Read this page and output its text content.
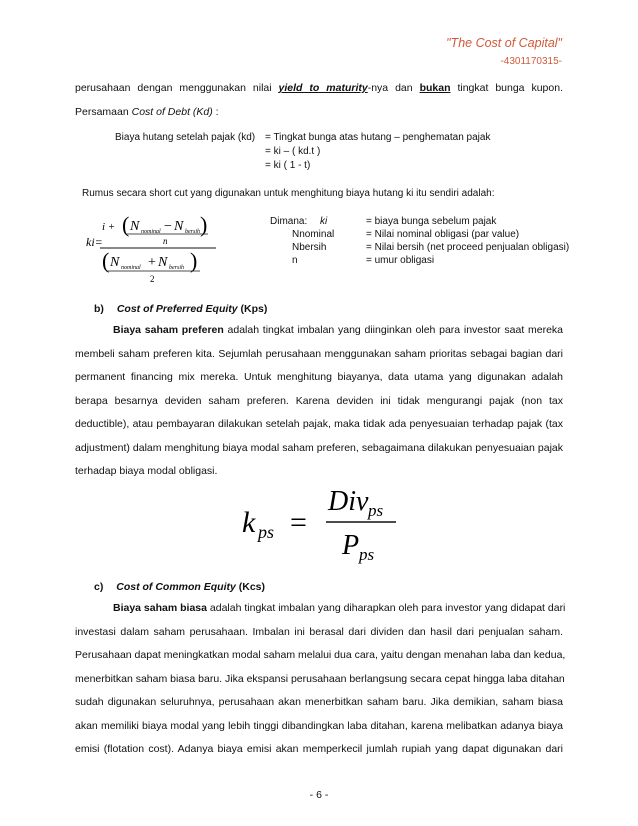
"The Cost of Capital"
-4301170315-
perusahaan dengan menggunakan nilai yield to maturity-nya dan bukan tingkat bunga kupon.
Persamaan Cost of Debt (Kd) :
Biaya hutang setelah pajak (kd) = Tingkat bunga atas hutang – penghematan pajak
= ki – ( kd.t )
= ki ( 1 - t)
Rumus secara short cut yang digunakan untuk menghitung biaya hutang ki itu sendiri adalah:
ki=
i + ( N nominal − N bersih )
n
( N nominal + N bersih )
2
Dimana: ki	= biaya bunga sebelum pajak
Nnominal	= Nilai nominal obligasi (par value)
Nbersih	= Nilai bersih (net proceed penjualan obligasi)
n	= umur obligasi
b) Cost of Preferred Equity (Kps)
Biaya saham preferen adalah tingkat imbalan yang diinginkan oleh para investor saat mereka
membeli saham preferen kita. Sejumlah perusahaan menggunakan saham prioritas sebagai bagian dari
permanent financing mix mereka. Untuk menghitung biayanya, data utama yang digunakan adalah
berapa besarnya deviden saham preferen. Karena deviden ini tidak mengurangi pajak (non tax
deductible), atau pembayaran dilakukan setelah pajak, maka tidak ada penyesuaian terhadap pajak (tax
adjustment) dalam menghitung biaya modal saham preferen, sebagaimana dilakukan penyesuaian pajak
terhadap biaya modal obligasi.
k ps =
Div ps
P ps
c) Cost of Common Equity (Kcs)
Biaya saham biasa adalah tingkat imbalan yang diharapkan oleh para investor yang didapat dari
investasi dalam saham perusahaan. Imbalan ini berasal dari dividen dan hasil dari penjualan saham.
Perusahaan dapat meningkatkan modal saham melalui dua cara, yaitu dengan menahan laba dan kedua,
menerbitkan saham biasa baru. Jika ekspansi perusahaan berlangsung secara cepat hingga laba ditahan
sudah digunakan seluruhnya, perusahaan akan menerbitkan saham baru. Jika demikian, saham biasa
akan memiliki biaya modal yang lebih tinggi dibandingkan laba ditahan, karena melibatkan adanya biaya
emisi (flotation cost). Adanya biaya emisi akan memperkecil jumlah rupiah yang dapat digunakan dari
- 6 -
